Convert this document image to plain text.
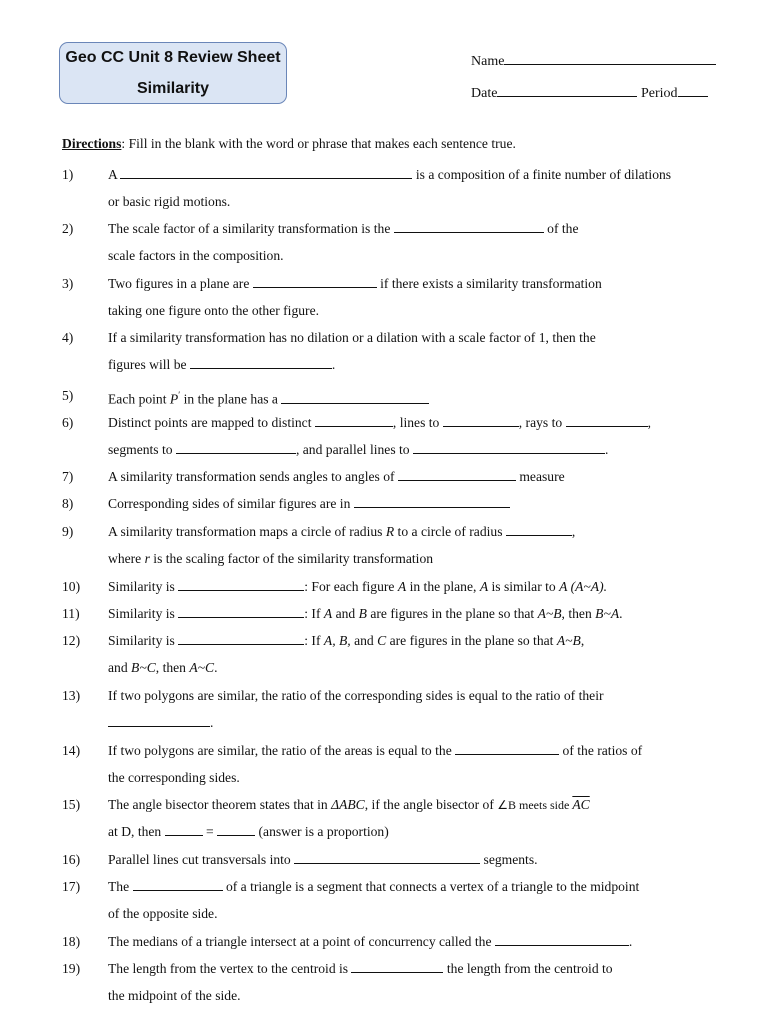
Geo CC Unit 8 Review Sheet
Similarity
Name
Date	Period
Directions: Fill in the blank with the word or phrase that makes each sentence true.
1)	A	is a composition of a finite number of dilations
or basic rigid motions.
2)	The scale factor of a similarity transformation is the	of the
scale factors in the composition.
3)	Two figures in a plane are	if there exists a similarity transformation
taking one figure onto the other figure.
4)	If a similarity transformation has no dilation or a dilation with a scale factor of 1, then the
figures will be	.
5)	Each point P′ in the plane has a
6)	Distinct points are mapped to distinct	, lines to	, rays to	,
segments to	, and parallel lines to	.
7)	A similarity transformation sends angles to angles of	measure
8)	Corresponding sides of similar figures are in
9)	A similarity transformation maps a circle of radius R to a circle of radius	,
where r is the scaling factor of the similarity transformation
10)	Similarity is	: For each figure A in the plane, A is similar to A (A~A).
11)	Similarity is	: If A and B are figures in the plane so that A~B, then B~A.
12)	Similarity is	: If A, B, and C are figures in the plane so that A~B,
and B~C, then A~C.
13)	If two polygons are similar, the ratio of the corresponding sides is equal to the ratio of their
.
14)	If two polygons are similar, the ratio of the areas is equal to the	of the ratios of
the corresponding sides.
15)	The angle bisector theorem states that in ΔABC, if the angle bisector of ∠B meets side $\overline{AC}$
at D, then	=	(answer is a proportion)
16)	Parallel lines cut transversals into	segments.
17)	The	of a triangle is a segment that connects a vertex of a triangle to the midpoint
of the opposite side.
18)	The medians of a triangle intersect at a point of concurrency called the	.
19)	The length from the vertex to the centroid is	the length from the centroid to
the midpoint of the side.
